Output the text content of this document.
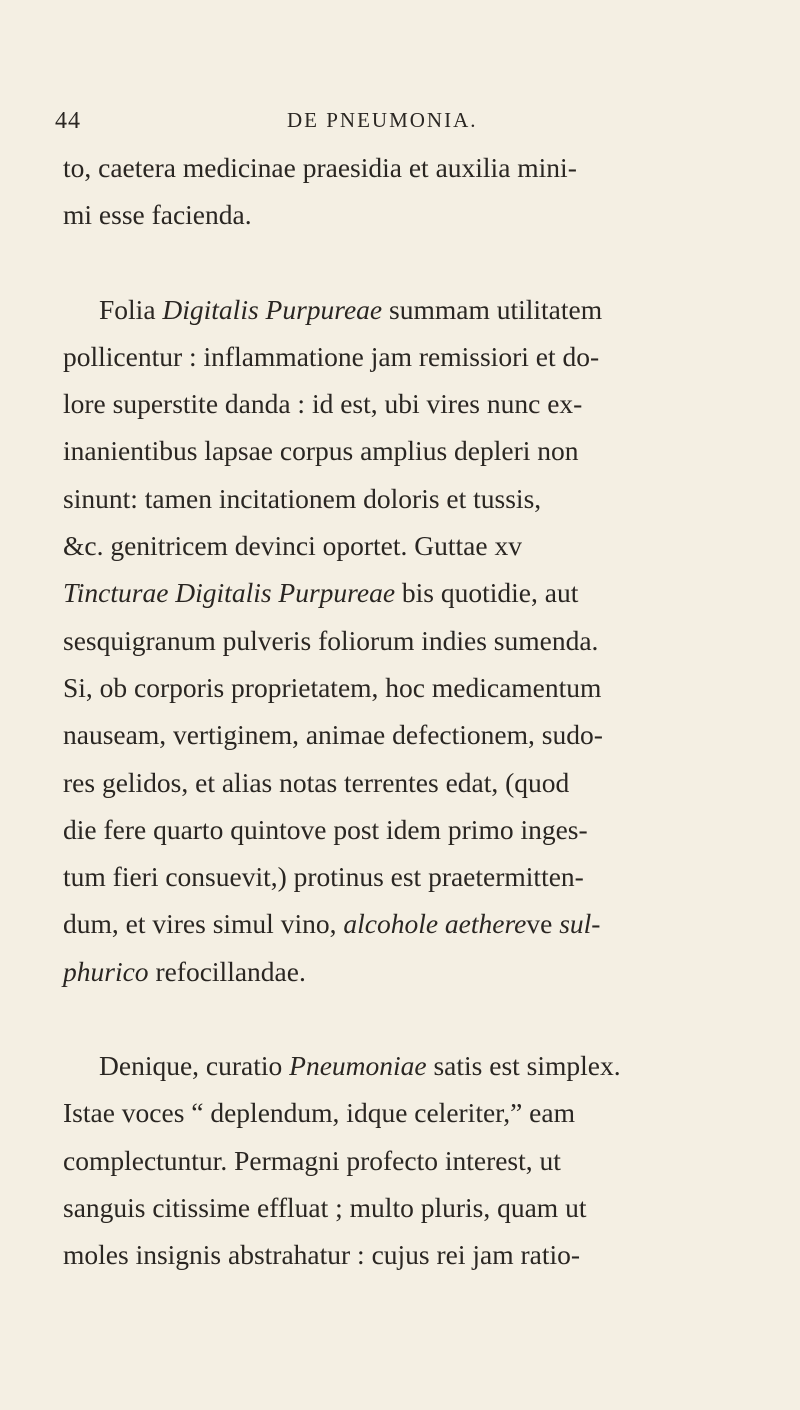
44	DE PNEUMONIA.
to, caetera medicinae praesidia et auxilia mini-
mi esse facienda.
Folia Digitalis Purpureae summam utilitatem
pollicentur : inflammatione jam remissiori et do-
lore superstite danda : id est, ubi vires nunc ex-
inanientibus lapsae corpus amplius depleri non
sinunt: tamen incitationem doloris et tussis,
&c. genitricem devinci oportet. Guttae xv
Tincturae Digitalis Purpureae bis quotidie, aut
sesquigranum pulveris foliorum indies sumenda.
Si, ob corporis proprietatem, hoc medicamentum
nauseam, vertiginem, animae defectionem, sudo-
res gelidos, et alias notas terrentes edat, (quod
die fere quarto quintove post idem primo inges-
tum fieri consuevit,) protinus est praetermitten-
dum, et vires simul vino, alcohole aethereve sul-
phurico refocillandae.
Denique, curatio Pneumoniae satis est simplex.
Istae voces “ deplendum, idque celeriter,” eam
complectuntur. Permagni profecto interest, ut
sanguis citissime effluat ; multo pluris, quam ut
moles insignis abstrahatur : cujus rei jam ratio-
